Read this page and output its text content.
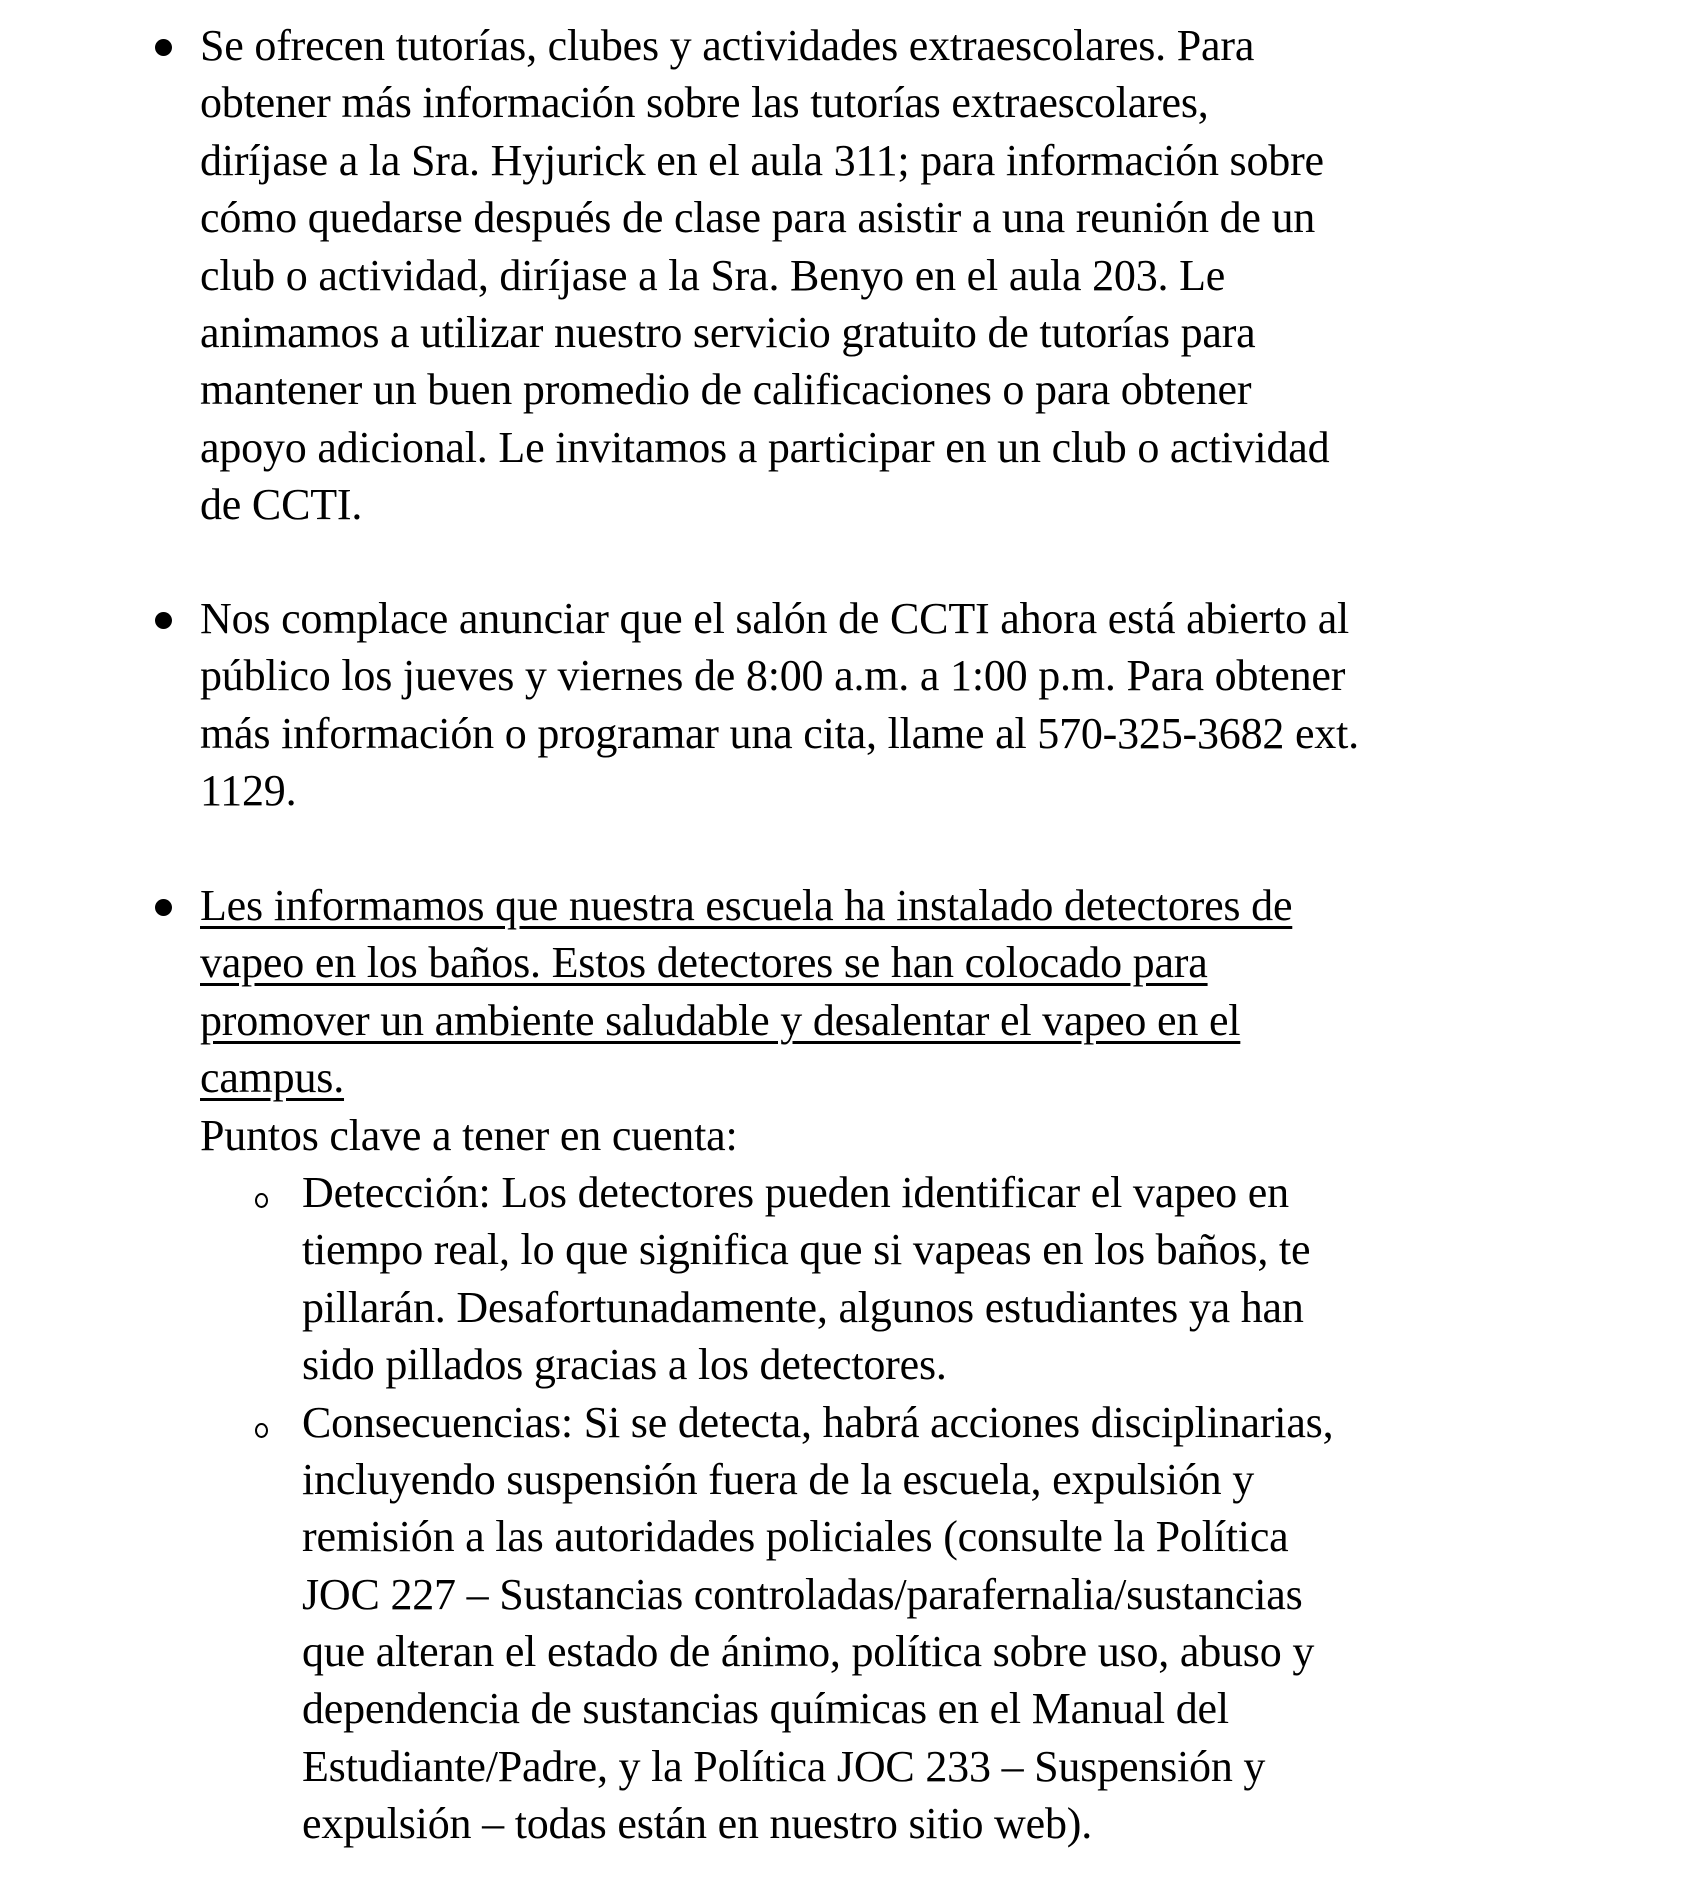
Se ofrecen tutorías, clubes y actividades extraescolares. Para
obtener más información sobre las tutorías extraescolares,
diríjase a la Sra. Hyjurick en el aula 311; para información sobre
cómo quedarse después de clase para asistir a una reunión de un
club o actividad, diríjase a la Sra. Benyo en el aula 203. Le
animamos a utilizar nuestro servicio gratuito de tutorías para
mantener un buen promedio de calificaciones o para obtener
apoyo adicional. Le invitamos a participar en un club o actividad
de CCTI.
Nos complace anunciar que el salón de CCTI ahora está abierto al
público los jueves y viernes de 8:00 a.m. a 1:00 p.m. Para obtener
más información o programar una cita, llame al 570-325-3682 ext.
1129.
Les informamos que nuestra escuela ha instalado detectores de
vapeo en los baños. Estos detectores se han colocado para
promover un ambiente saludable y desalentar el vapeo en el
campus.
Puntos clave a tener en cuenta:
Detección: Los detectores pueden identificar el vapeo en
tiempo real, lo que significa que si vapeas en los baños, te
pillarán. Desafortunadamente, algunos estudiantes ya han
sido pillados gracias a los detectores.
Consecuencias: Si se detecta, habrá acciones disciplinarias,
incluyendo suspensión fuera de la escuela, expulsión y
remisión a las autoridades policiales (consulte la Política
JOC 227 – Sustancias controladas/parafernalia/sustancias
que alteran el estado de ánimo, política sobre uso, abuso y
dependencia de sustancias químicas en el Manual del
Estudiante/Padre, y la Política JOC 233 – Suspensión y
expulsión – todas están en nuestro sitio web).
